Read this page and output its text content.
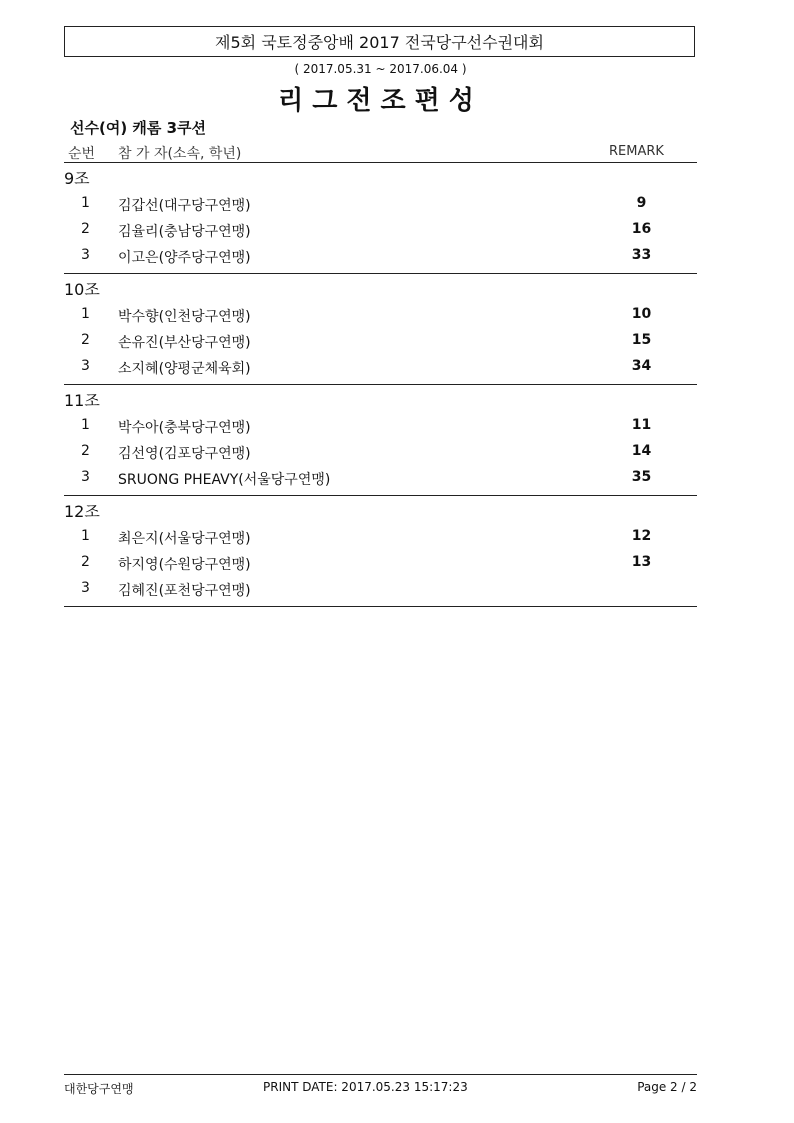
제5회 국토정중앙배 2017 전국당구선수권대회
( 2017.05.31 ~ 2017.06.04 )
리그전조편성
선수(여) 캐롬 3쿠션
순번 참 가 자(소속, 학년)	REMARK
9조
1 김갑선(대구당구연맹)	9
2 김율리(충남당구연맹)	16
3 이고은(양주당구연맹)	33
10조
1 박수향(인천당구연맹)	10
2 손유진(부산당구연맹)	15
3 소지혜(양평군체육회)	34
11조
1 박수아(충북당구연맹)	11
2 김선영(김포당구연맹)	14
3 SRUONG PHEAVY(서울당구연맹)	35
12조
1 최은지(서울당구연맹)	12
2 하지영(수원당구연맹)	13
3 김혜진(포천당구연맹)
대한당구연맹	PRINT DATE: 2017.05.23 15:17:23	Page 2 / 2
